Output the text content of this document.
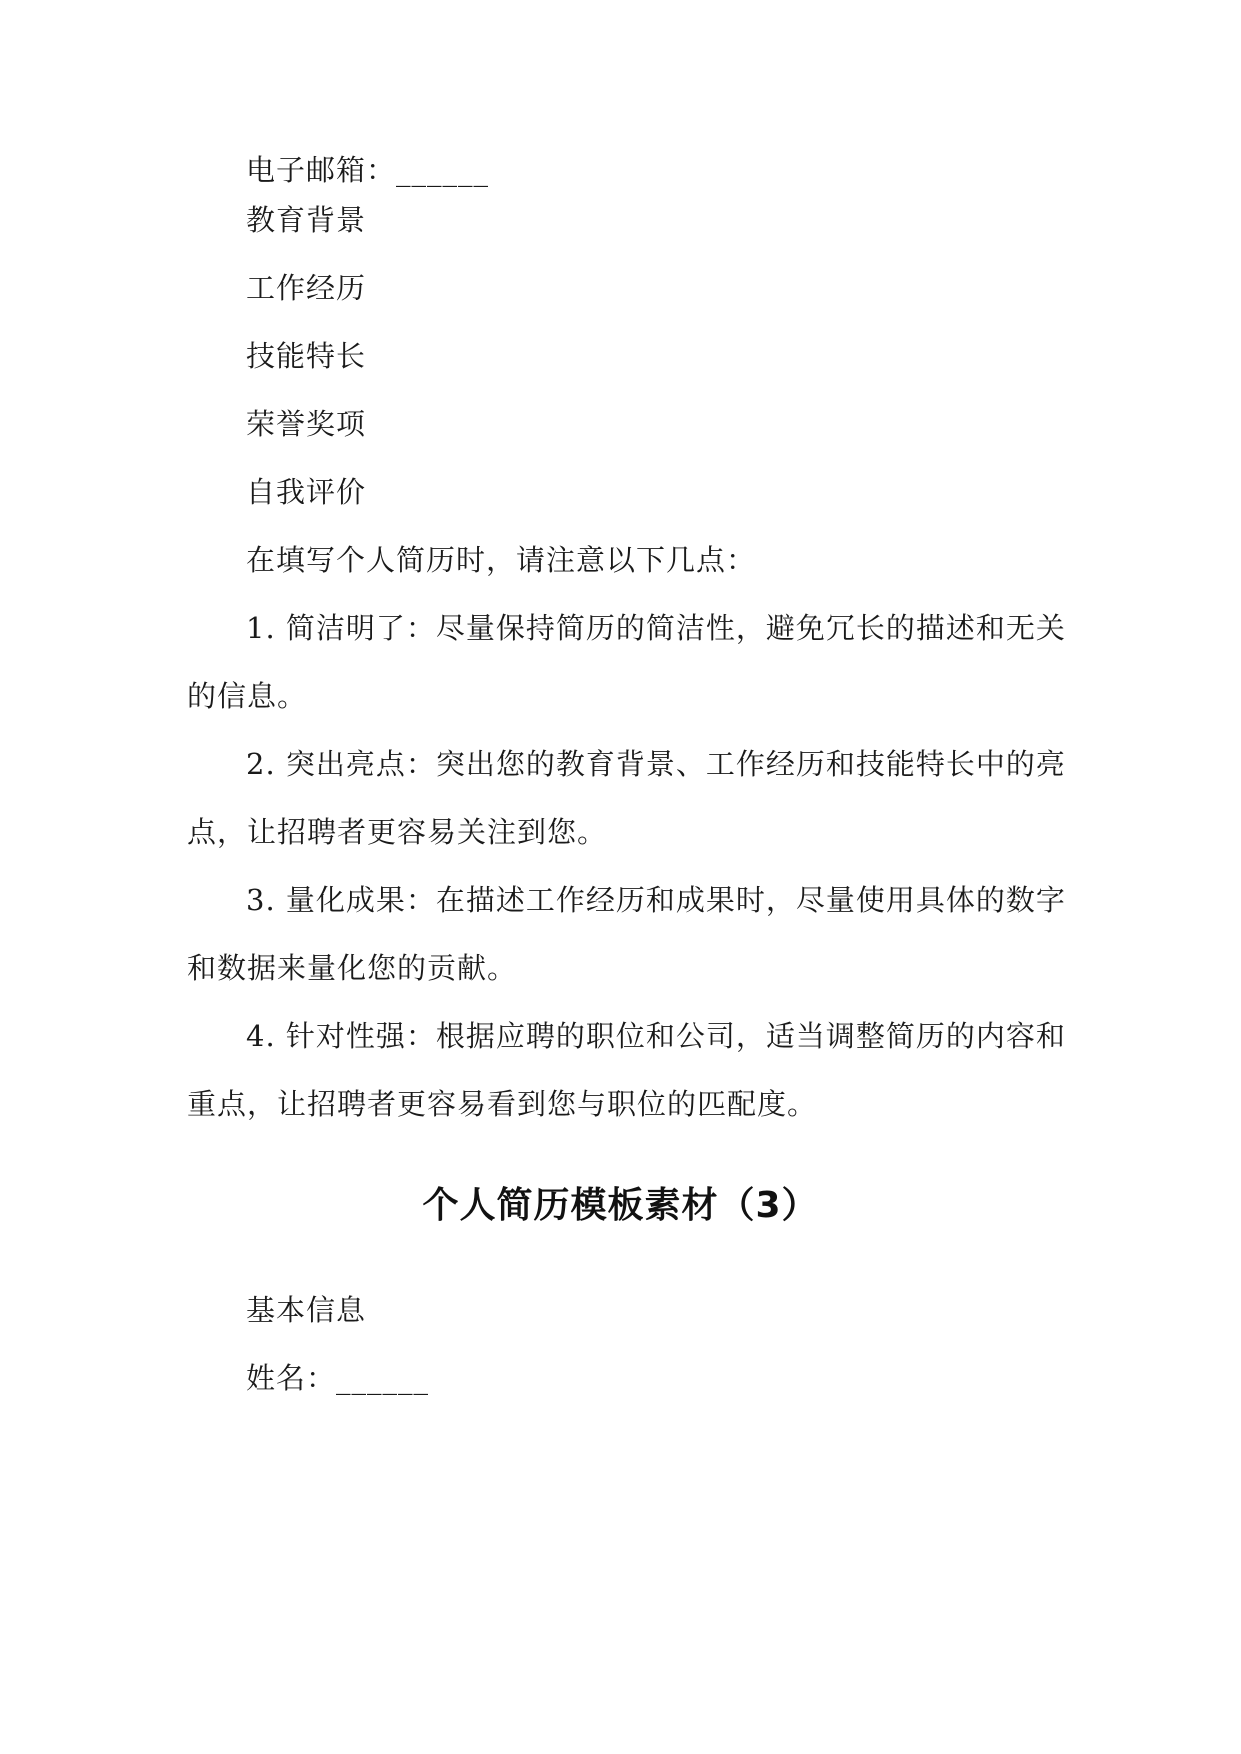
电子邮箱：______

教育背景

工作经历

技能特长

荣誉奖项

自我评价

在填写个人简历时，请注意以下几点：

1. 简洁明了：尽量保持简历的简洁性，避免冗长的描述和无关

的信息。

2. 突出亮点：突出您的教育背景、工作经历和技能特长中的亮

点，让招聘者更容易关注到您。

3. 量化成果：在描述工作经历和成果时，尽量使用具体的数字

和数据来量化您的贡献。

4. 针对性强：根据应聘的职位和公司，适当调整简历的内容和

重点，让招聘者更容易看到您与职位的匹配度。

个人简历模板素材（3）

基本信息

姓名：______
